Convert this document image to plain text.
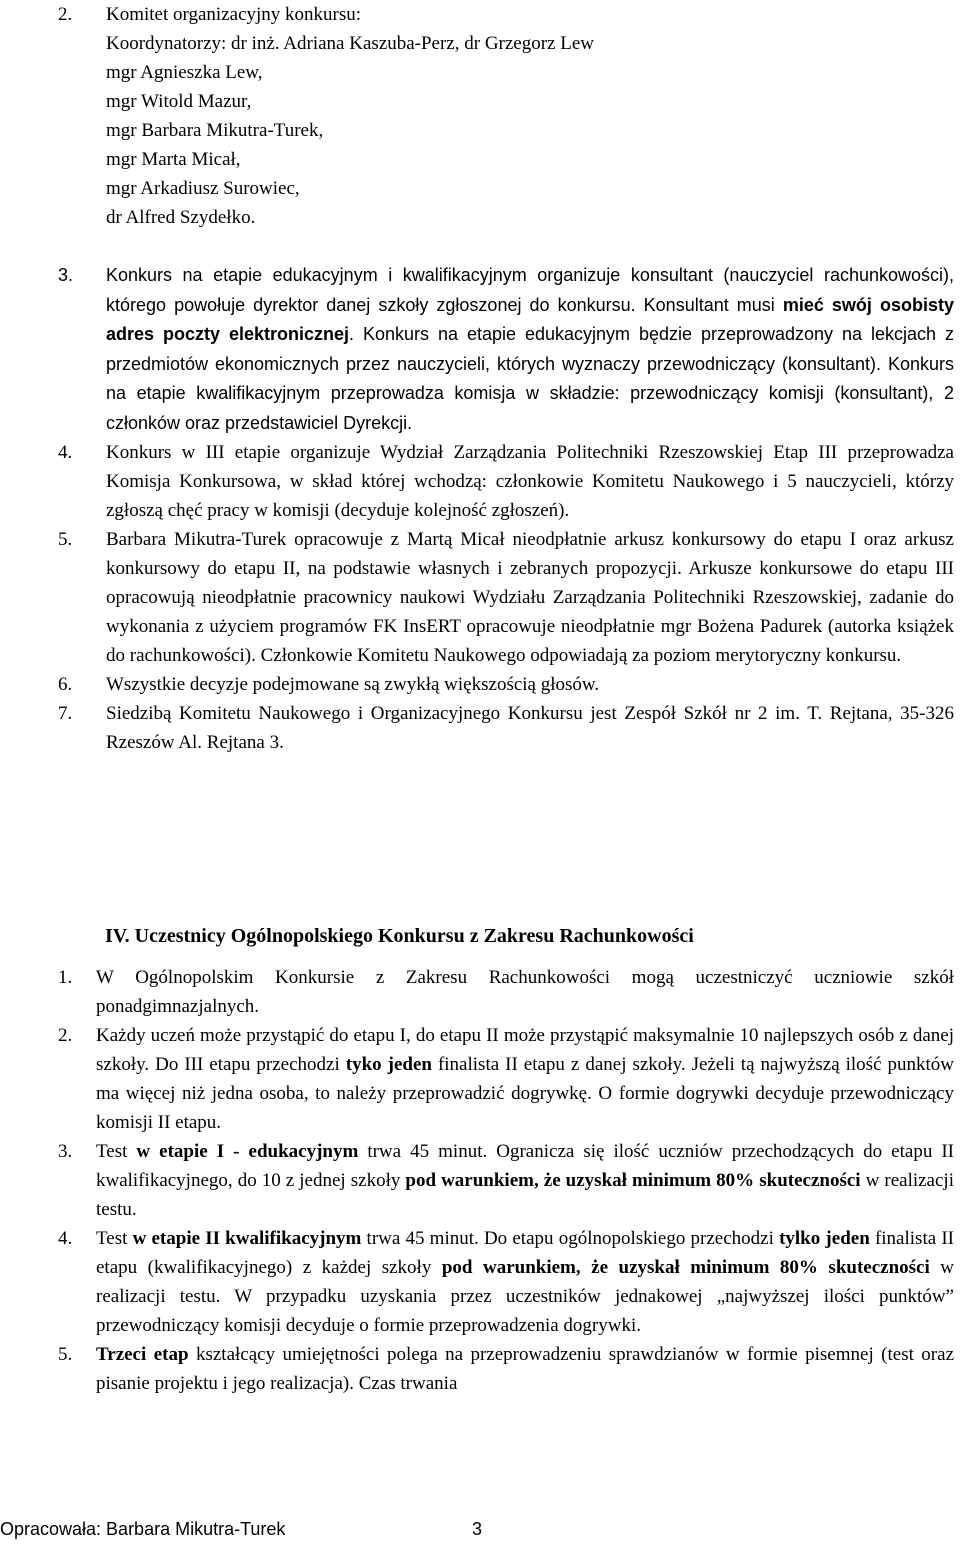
2.	Komitet organizacyjny konkursu:
Koordynatorzy: dr inż. Adriana Kaszuba-Perz, dr Grzegorz Lew
mgr Agnieszka Lew,
mgr Witold Mazur,
mgr Barbara Mikutra-Turek,
mgr Marta Micał,
mgr Arkadiusz Surowiec,
dr Alfred Szydełko.
3.	Konkurs na etapie edukacyjnym i kwalifikacyjnym organizuje konsultant (nauczyciel rachunkowości), którego powołuje dyrektor danej szkoły zgłoszonej do konkursu. Konsultant musi mieć swój osobisty adres poczty elektronicznej. Konkurs na etapie edukacyjnym będzie przeprowadzony na lekcjach z przedmiotów ekonomicznych przez nauczycieli, których wyznaczy przewodniczący (konsultant). Konkurs na etapie kwalifikacyjnym przeprowadza komisja w składzie: przewodniczący komisji (konsultant), 2 członków oraz przedstawiciel Dyrekcji.
4.	Konkurs w III etapie organizuje Wydział Zarządzania Politechniki Rzeszowskiej Etap III przeprowadza Komisja Konkursowa, w skład której wchodzą: członkowie Komitetu Naukowego i 5 nauczycieli, którzy zgłoszą chęć pracy w komisji (decyduje kolejność zgłoszeń).
5.	Barbara Mikutra-Turek opracowuje z Martą Micał nieodpłatnie arkusz konkursowy do etapu I oraz arkusz konkursowy do etapu II, na podstawie własnych i zebranych propozycji. Arkusze konkursowe do etapu III opracowują nieodpłatnie pracownicy naukowi Wydziału Zarządzania Politechniki Rzeszowskiej, zadanie do wykonania z użyciem programów FK InsERT opracowuje nieodpłatnie mgr Bożena Padurek (autorka książek do rachunkowości). Członkowie Komitetu Naukowego odpowiadają za poziom merytoryczny konkursu.
6.	Wszystkie decyzje podejmowane są zwykłą większością głosów.
7.	Siedzibą Komitetu Naukowego i Organizacyjnego Konkursu jest Zespół Szkół nr 2 im. T. Rejtana, 35-326 Rzeszów Al. Rejtana 3.
IV. Uczestnicy Ogólnopolskiego Konkursu z Zakresu Rachunkowości
1.	W Ogólnopolskim Konkursie z Zakresu Rachunkowości mogą uczestniczyć uczniowie szkół ponadgimnazjalnych.
2.	Każdy uczeń może przystąpić do etapu I, do etapu II może przystąpić maksymalnie 10 najlepszych osób z danej szkoły. Do III etapu przechodzi tyko jeden finalista II etapu z danej szkoły. Jeżeli tą najwyższą ilość punktów ma więcej niż jedna osoba, to należy przeprowadzić dogrywkę. O formie dogrywki decyduje przewodniczący komisji II etapu.
3.	Test w etapie I - edukacyjnym trwa 45 minut. Ogranicza się ilość uczniów przechodzących do etapu II kwalifikacyjnego, do 10 z jednej szkoły pod warunkiem, że uzyskał minimum 80% skuteczności w realizacji testu.
4.	Test w etapie II kwalifikacyjnym trwa 45 minut. Do etapu ogólnopolskiego przechodzi tylko jeden finalista II etapu (kwalifikacyjnego) z każdej szkoły pod warunkiem, że uzyskał minimum 80% skuteczności w realizacji testu. W przypadku uzyskania przez uczestników jednakowej „najwyższej ilości punktów” przewodniczący komisji decyduje o formie przeprowadzenia dogrywki.
5.	Trzeci etap kształcący umiejętności polega na przeprowadzeniu sprawdzianów w formie pisemnej (test oraz pisanie projektu i jego realizacja). Czas trwania
Opracowała: Barbara Mikutra-Turek	3
